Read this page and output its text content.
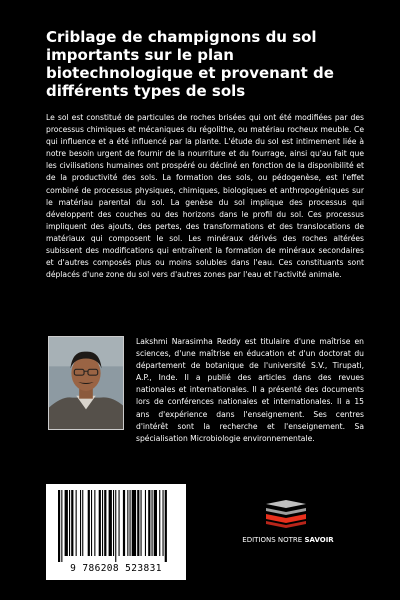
Criblage de champignons du sol importants sur le plan biotechnologique et provenant de différents types de sols

Le sol est constitué de particules de roches brisées qui ont été modifiées par des processus chimiques et mécaniques du régolithe, ou matériau rocheux meuble. Ce qui influence et a été influencé par la plante. L'étude du sol est intimement liée à notre besoin urgent de fournir de la nourriture et du fourrage, ainsi qu'au fait que les civilisations humaines ont prospéré ou décliné en fonction de la disponibilité et de la productivité des sols. La formation des sols, ou pédogenèse, est l'effet combiné de processus physiques, chimiques, biologiques et anthropogéniques sur le matériau parental du sol. La genèse du sol implique des processus qui développent des couches ou des horizons dans le profil du sol. Ces processus impliquent des ajouts, des pertes, des transformations et des translocations de matériaux qui composent le sol. Les minéraux dérivés des roches altérées subissent des modifications qui entraînent la formation de minéraux secondaires et d'autres composés plus ou moins solubles dans l'eau. Ces constituants sont déplacés d'une zone du sol vers d'autres zones par l'eau et l'activité animale.

Lakshmi Narasimha Reddy est titulaire d'une maîtrise en sciences, d'une maîtrise en éducation et d'un doctorat du département de botanique de l'université S.V., Tirupati, A.P., Inde. Il a publié des articles dans des revues nationales et internationales. Il a présenté des documents lors de conférences nationales et internationales. Il a 15 ans d'expérience dans l'enseignement. Ses centres d'intérêt sont la recherche et l'enseignement. Sa spécialisation Microbiologie environnementale.

9 786208 523831
EDITIONS NOTRE SAVOIR
